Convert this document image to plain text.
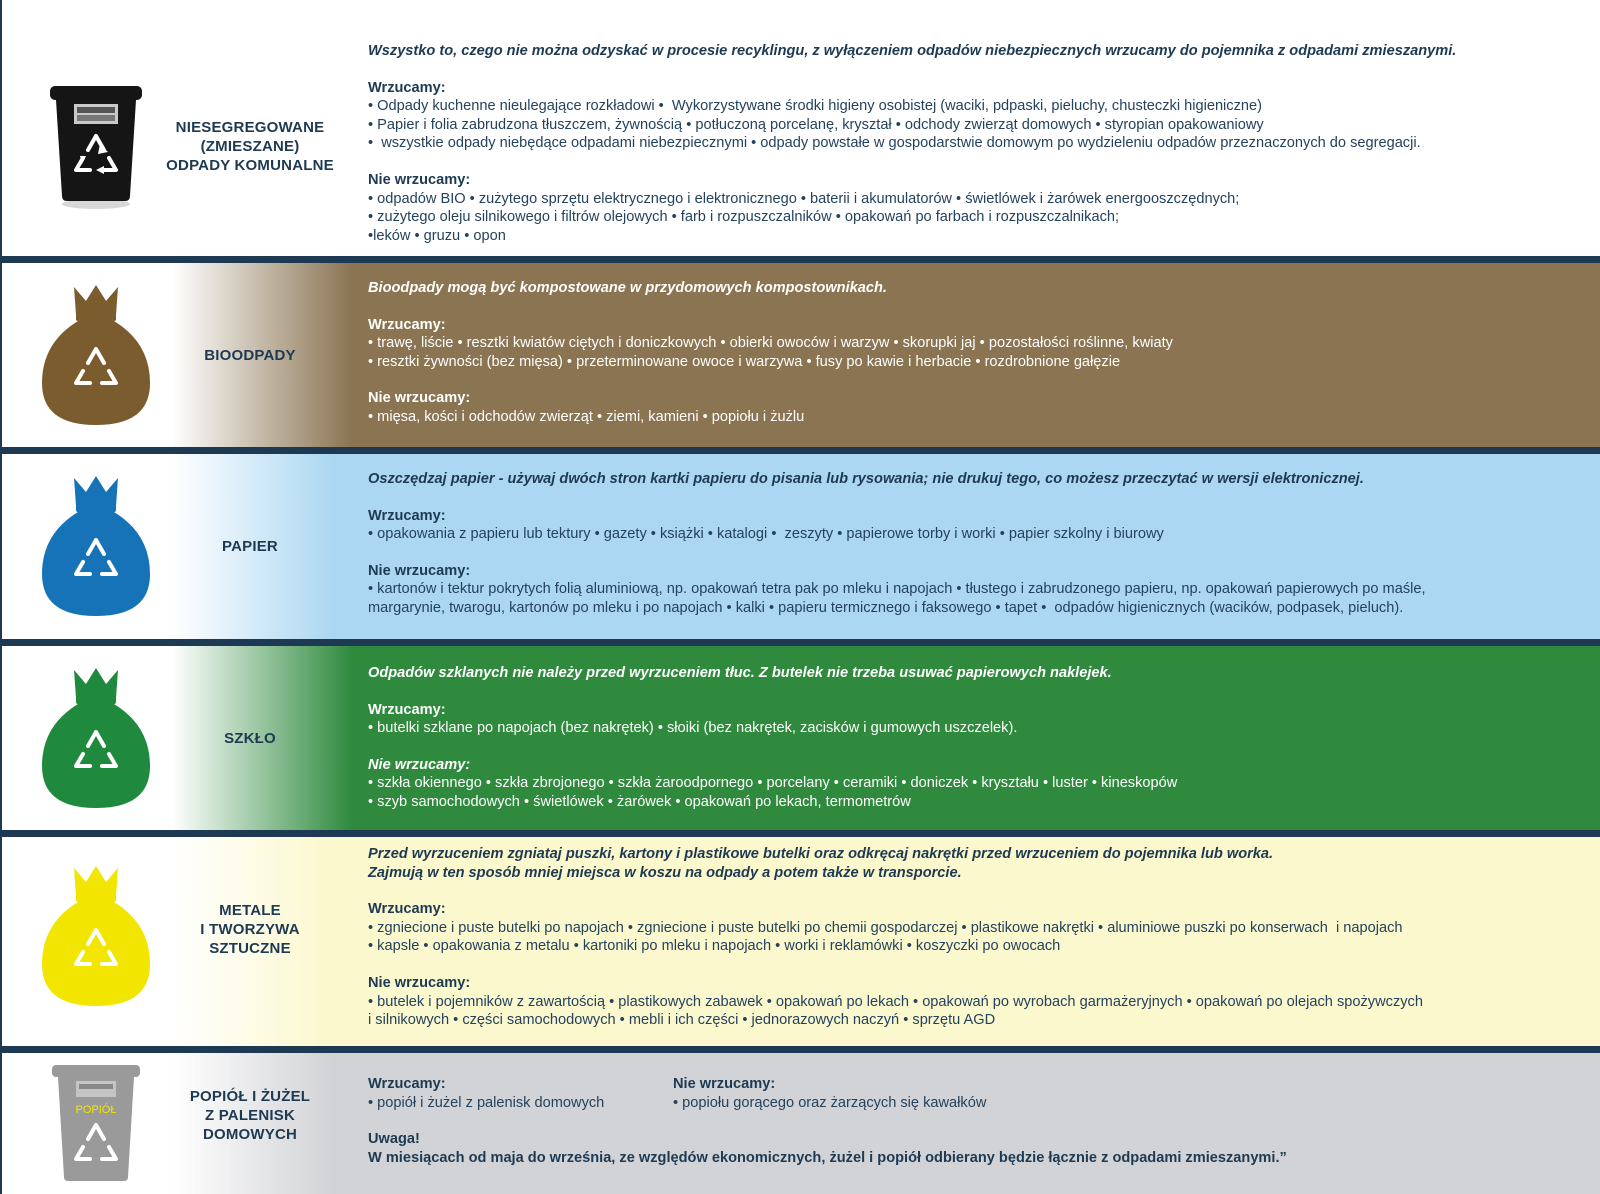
NIESEGREGOWANE
(ZMIESZANE)
ODPADY KOMUNALNE
Wszystko to, czego nie można odzyskać w procesie recyklingu, z wyłączeniem odpadów niebezpiecznych wrzucamy do pojemnika z odpadami zmieszanymi.
Wrzucamy:
• Odpady kuchenne nieulegające rozkładowi •  Wykorzystywane środki higieny osobistej (waciki, pdpaski, pieluchy, chusteczki higieniczne)
• Papier i folia zabrudzona tłuszczem, żywnością • potłuczoną porcelanę, kryształ • odchody zwierząt domowych • styropian opakowaniowy
•  wszystkie odpady niebędące odpadami niebezpiecznymi • odpady powstałe w gospodarstwie domowym po wydzieleniu odpadów przeznaczonych do segregacji.
Nie wrzucamy:
• odpadów BIO • zużytego sprzętu elektrycznego i elektronicznego • baterii i akumulatorów • świetlówek i żarówek energooszczędnych;
• zużytego oleju silnikowego i filtrów olejowych • farb i rozpuszczalników • opakowań po farbach i rozpuszczalnikach;
•leków • gruzu • opon
BIOODPADY
Bioodpady mogą być kompostowane w przydomowych kompostownikach.
Wrzucamy:
• trawę, liście • resztki kwiatów ciętych i doniczkowych • obierki owoców i warzyw • skorupki jaj • pozostałości roślinne, kwiaty
• resztki żywności (bez mięsa) • przeterminowane owoce i warzywa • fusy po kawie i herbacie • rozdrobnione gałęzie
Nie wrzucamy:
• mięsa, kości i odchodów zwierząt • ziemi, kamieni • popiołu i żużlu
PAPIER
Oszczędzaj papier - używaj dwóch stron kartki papieru do pisania lub rysowania; nie drukuj tego, co możesz przeczytać w wersji elektronicznej.
Wrzucamy:
• opakowania z papieru lub tektury • gazety • książki • katalogi •  zeszyty • papierowe torby i worki • papier szkolny i biurowy
Nie wrzucamy:
• kartonów i tektur pokrytych folią aluminiową, np. opakowań tetra pak po mleku i napojach • tłustego i zabrudzonego papieru, np. opakowań papierowych po maśle,
margarynie, twarogu, kartonów po mleku i po napojach • kalki • papieru termicznego i faksowego • tapet •  odpadów higienicznych (wacików, podpasek, pieluch).
SZKŁO
Odpadów szklanych nie należy przed wyrzuceniem tłuc. Z butelek nie trzeba usuwać papierowych naklejek.
Wrzucamy:
• butelki szklane po napojach (bez nakrętek) • słoiki (bez nakrętek, zacisków i gumowych uszczelek).
Nie wrzucamy:
• szkła okiennego • szkła zbrojonego • szkła żaroodpornego • porcelany • ceramiki • doniczek • kryształu • luster • kineskopów
• szyb samochodowych • świetlówek • żarówek • opakowań po lekach, termometrów
METALE
I TWORZYWA
SZTUCZNE
Przed wyrzuceniem zgniataj puszki, kartony i plastikowe butelki oraz odkręcaj nakrętki przed wrzuceniem do pojemnika lub worka.
Zajmują w ten sposób mniej miejsca w koszu na odpady a potem także w transporcie.
Wrzucamy:
• zgniecione i puste butelki po napojach • zgniecione i puste butelki po chemii gospodarczej • plastikowe nakrętki • aluminiowe puszki po konserwach  i napojach
• kapsle • opakowania z metalu • kartoniki po mleku i napojach • worki i reklamówki • koszyczki po owocach
Nie wrzucamy:
• butelek i pojemników z zawartością • plastikowych zabawek • opakowań po lekach • opakowań po wyrobach garmażeryjnych • opakowań po olejach spożywczych
i silnikowych • części samochodowych • mebli i ich części • jednorazowych naczyń • sprzętu AGD
POPIÓŁ
POPIÓŁ I ŻUŻEL
Z PALENISK
DOMOWYCH
Wrzucamy:
• popiół i żużel z palenisk domowych
Nie wrzucamy:
• popiołu gorącego oraz żarzących się kawałków
Uwaga!
W miesiącach od maja do września, ze względów ekonomicznych, żużel i popiół odbierany będzie łącznie z odpadami zmieszanymi.”
